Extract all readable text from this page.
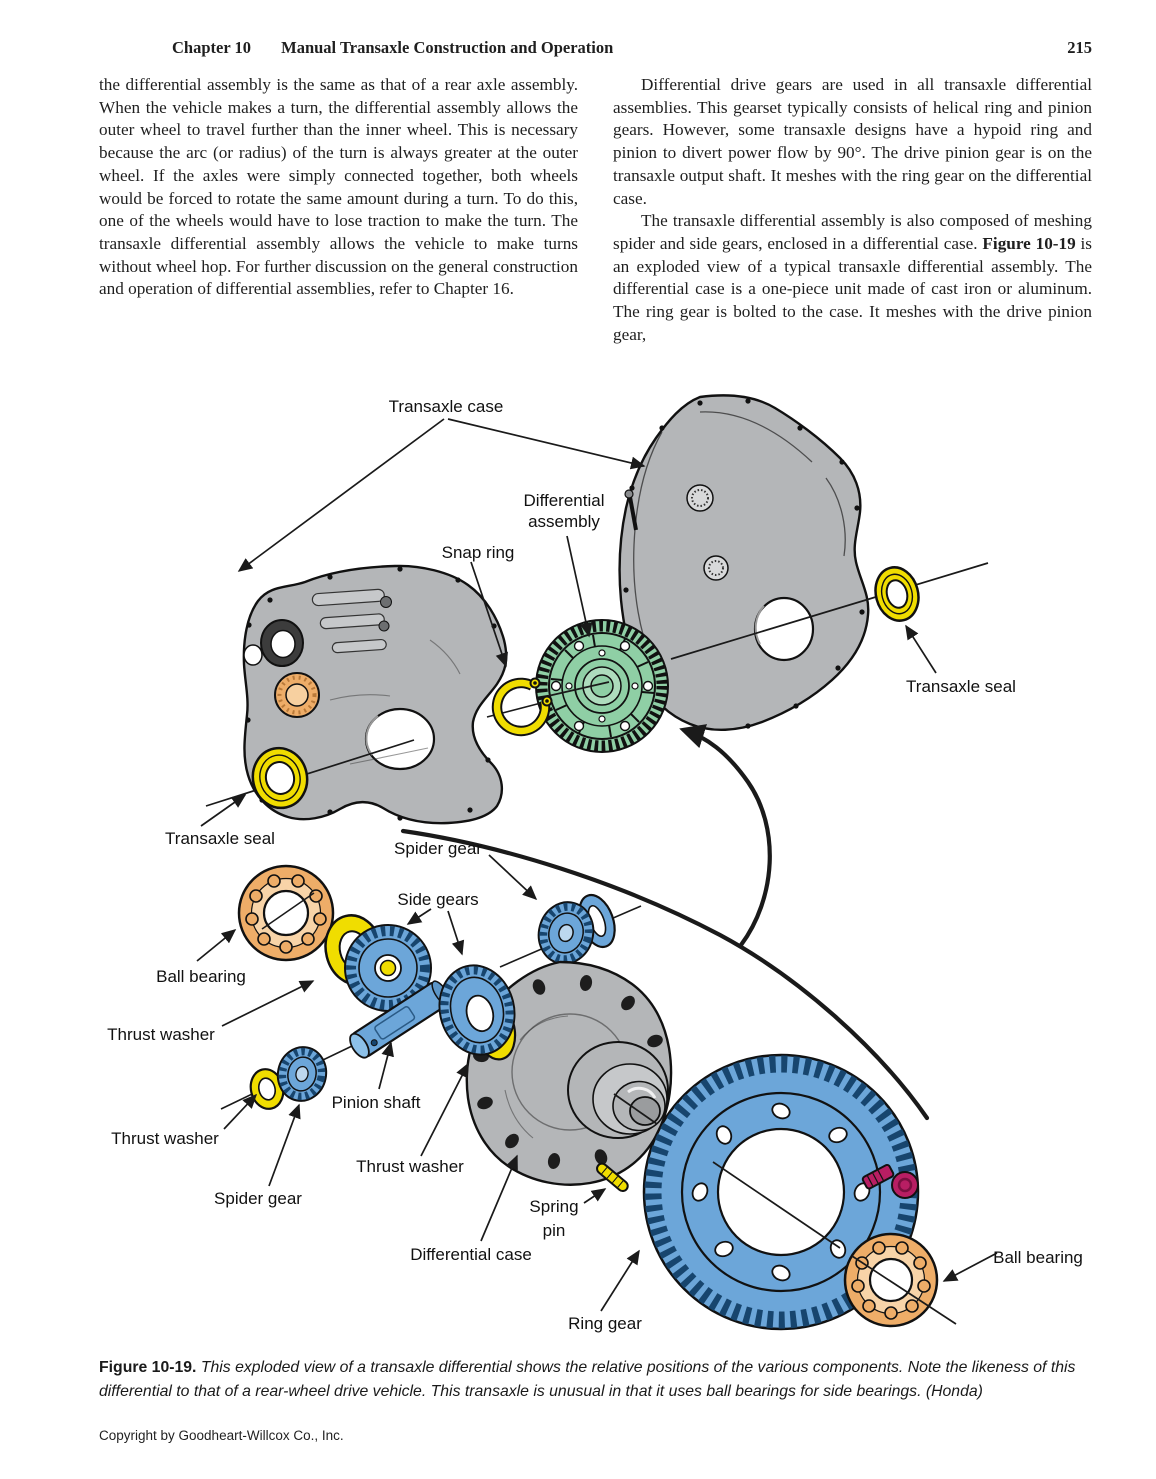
215
Chapter 10 Manual Transaxle Construction and Operation

the differential assembly is the same as that of a rear axle assembly. When the vehicle makes a turn, the differential assembly allows the outer wheel to travel further than the inner wheel. This is necessary because the arc (or radius) of the turn is always greater at the outer wheel. If the axles were simply connected together, both wheels would be forced to rotate the same amount during a turn. To do this, one of the wheels would have to lose traction to make the turn. The transaxle differential assembly allows the vehicle to make turns without wheel hop. For further discussion on the general construction and operation of differential assemblies, refer to Chapter 16.

Differential drive gears are used in all transaxle differential assemblies. This gearset typically consists of helical ring and pinion gears. However, some transaxle designs have a hypoid ring and pinion to divert power flow by 90°. The drive pinion gear is on the transaxle output shaft. It meshes with the ring gear on the differential case.

The transaxle differential assembly is also composed of meshing spider and side gears, enclosed in a differential case. Figure 10-19 is an exploded view of a typical transaxle differential assembly. The differential case is a one-piece unit made of cast iron or aluminum. The ring gear is bolted to the case. It meshes with the drive pinion gear,

Transaxle case
Differential
assembly
Snap ring
Transaxle seal
Transaxle seal
Spider gear
Side gears
Ball bearing
Thrust washer
Pinion shaft
Thrust washer
Spider gear
Thrust washer
Spring
pin
Differential case
Ring gear
Ball bearing

Figure 10-19. This exploded view of a transaxle differential shows the relative positions of the various components. Note the likeness of this differential to that of a rear-wheel drive vehicle. This transaxle is unusual in that it uses ball bearings for side bearings. (Honda)

Copyright by Goodheart-Willcox Co., Inc.
